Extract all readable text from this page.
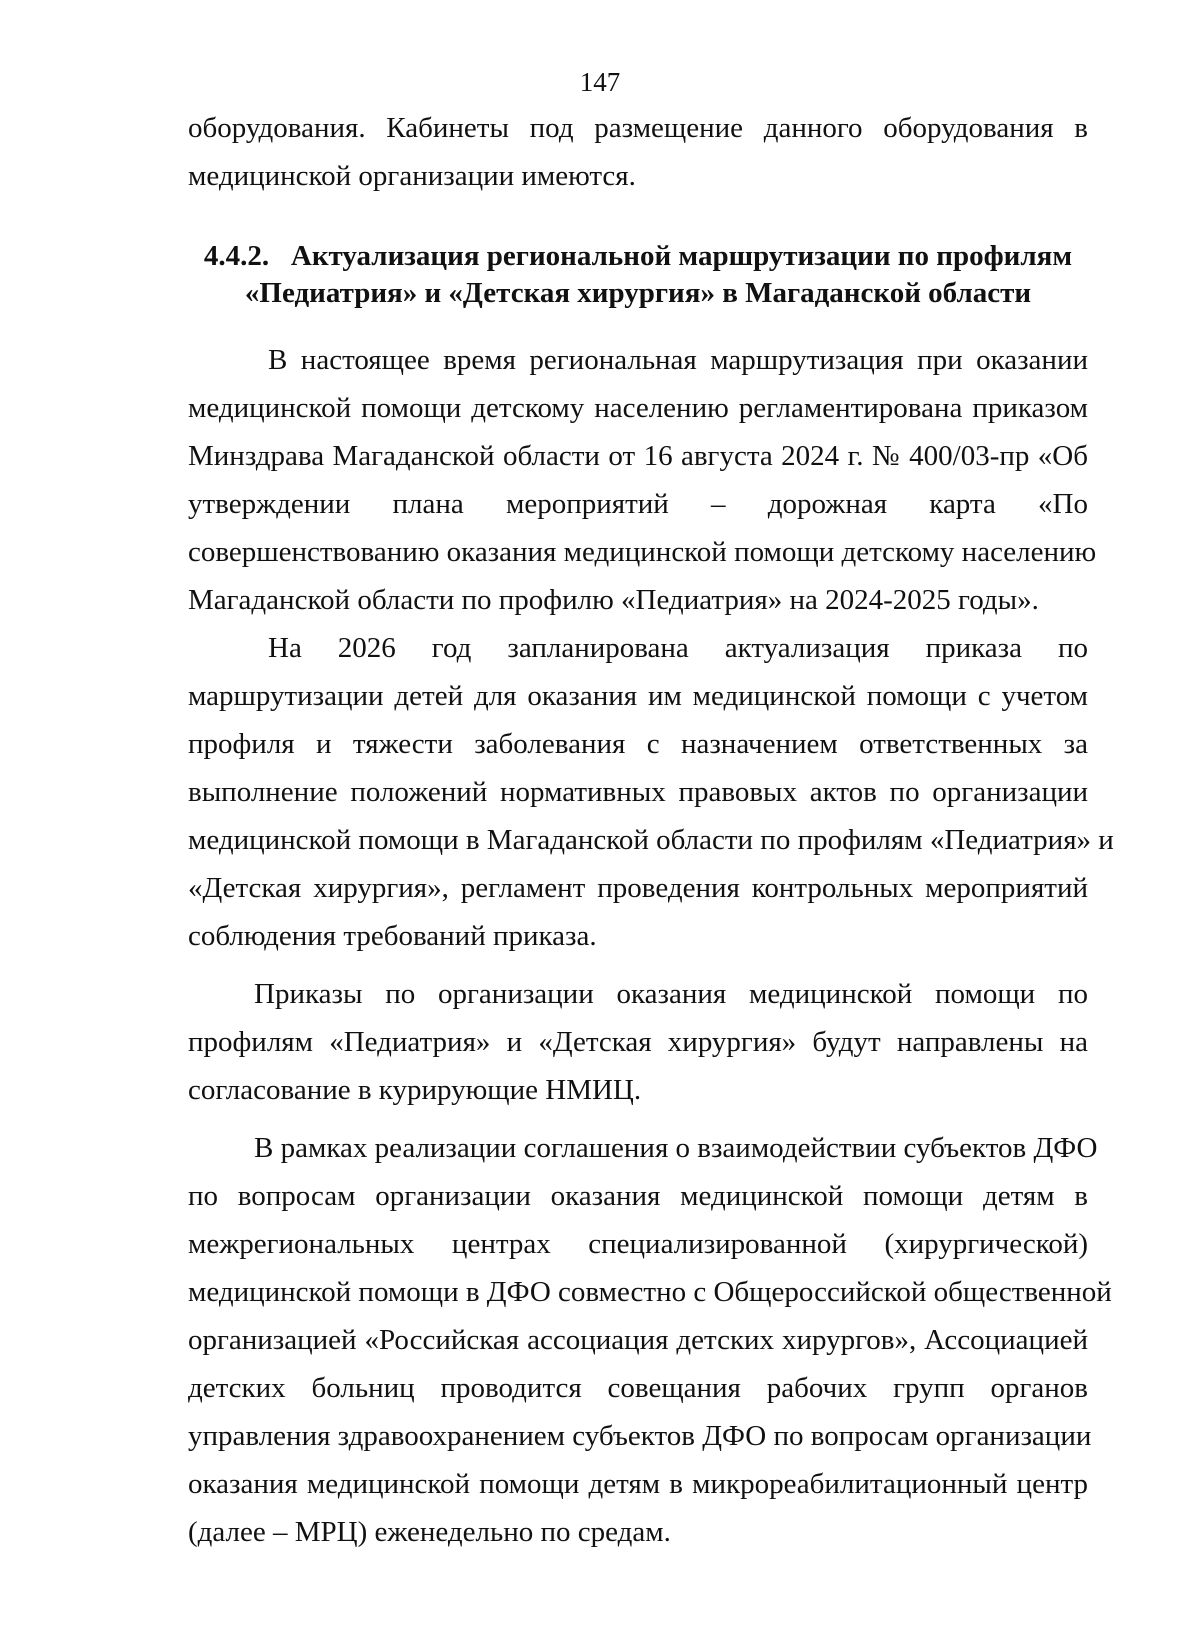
147
оборудования. Кабинеты под размещение данного оборудования в
медицинской организации имеются.
4.4.2.   Актуализация региональной маршрутизации по профилям
«Педиатрия» и «Детская хирургия» в Магаданской области
В настоящее время региональная маршрутизация при оказании
медицинской помощи детскому населению регламентирована приказом
Минздрава Магаданской области от 16 августа 2024 г. № 400/03-пр «Об
утверждении плана мероприятий – дорожная карта «По
совершенствованию оказания медицинской помощи детскому населению
Магаданской области по профилю «Педиатрия» на 2024-2025 годы».
На 2026 год запланирована актуализация приказа по
маршрутизации детей для оказания им медицинской помощи с учетом
профиля и тяжести заболевания с назначением ответственных за
выполнение положений нормативных правовых актов по организации
медицинской помощи в Магаданской области по профилям «Педиатрия» и
«Детская хирургия», регламент проведения контрольных мероприятий
соблюдения требований приказа.
Приказы по организации оказания медицинской помощи по
профилям «Педиатрия» и «Детская хирургия» будут направлены на
согласование в курирующие НМИЦ.
В рамках реализации соглашения о взаимодействии субъектов ДФО
по вопросам организации оказания медицинской помощи детям в
межрегиональных центрах специализированной (хирургической)
медицинской помощи в ДФО совместно с Общероссийской общественной
организацией «Российская ассоциация детских хирургов», Ассоциацией
детских больниц проводится совещания рабочих групп органов
управления здравоохранением субъектов ДФО по вопросам организации
оказания медицинской помощи детям в микрореабилитационный центр
(далее – МРЦ) еженедельно по средам.
